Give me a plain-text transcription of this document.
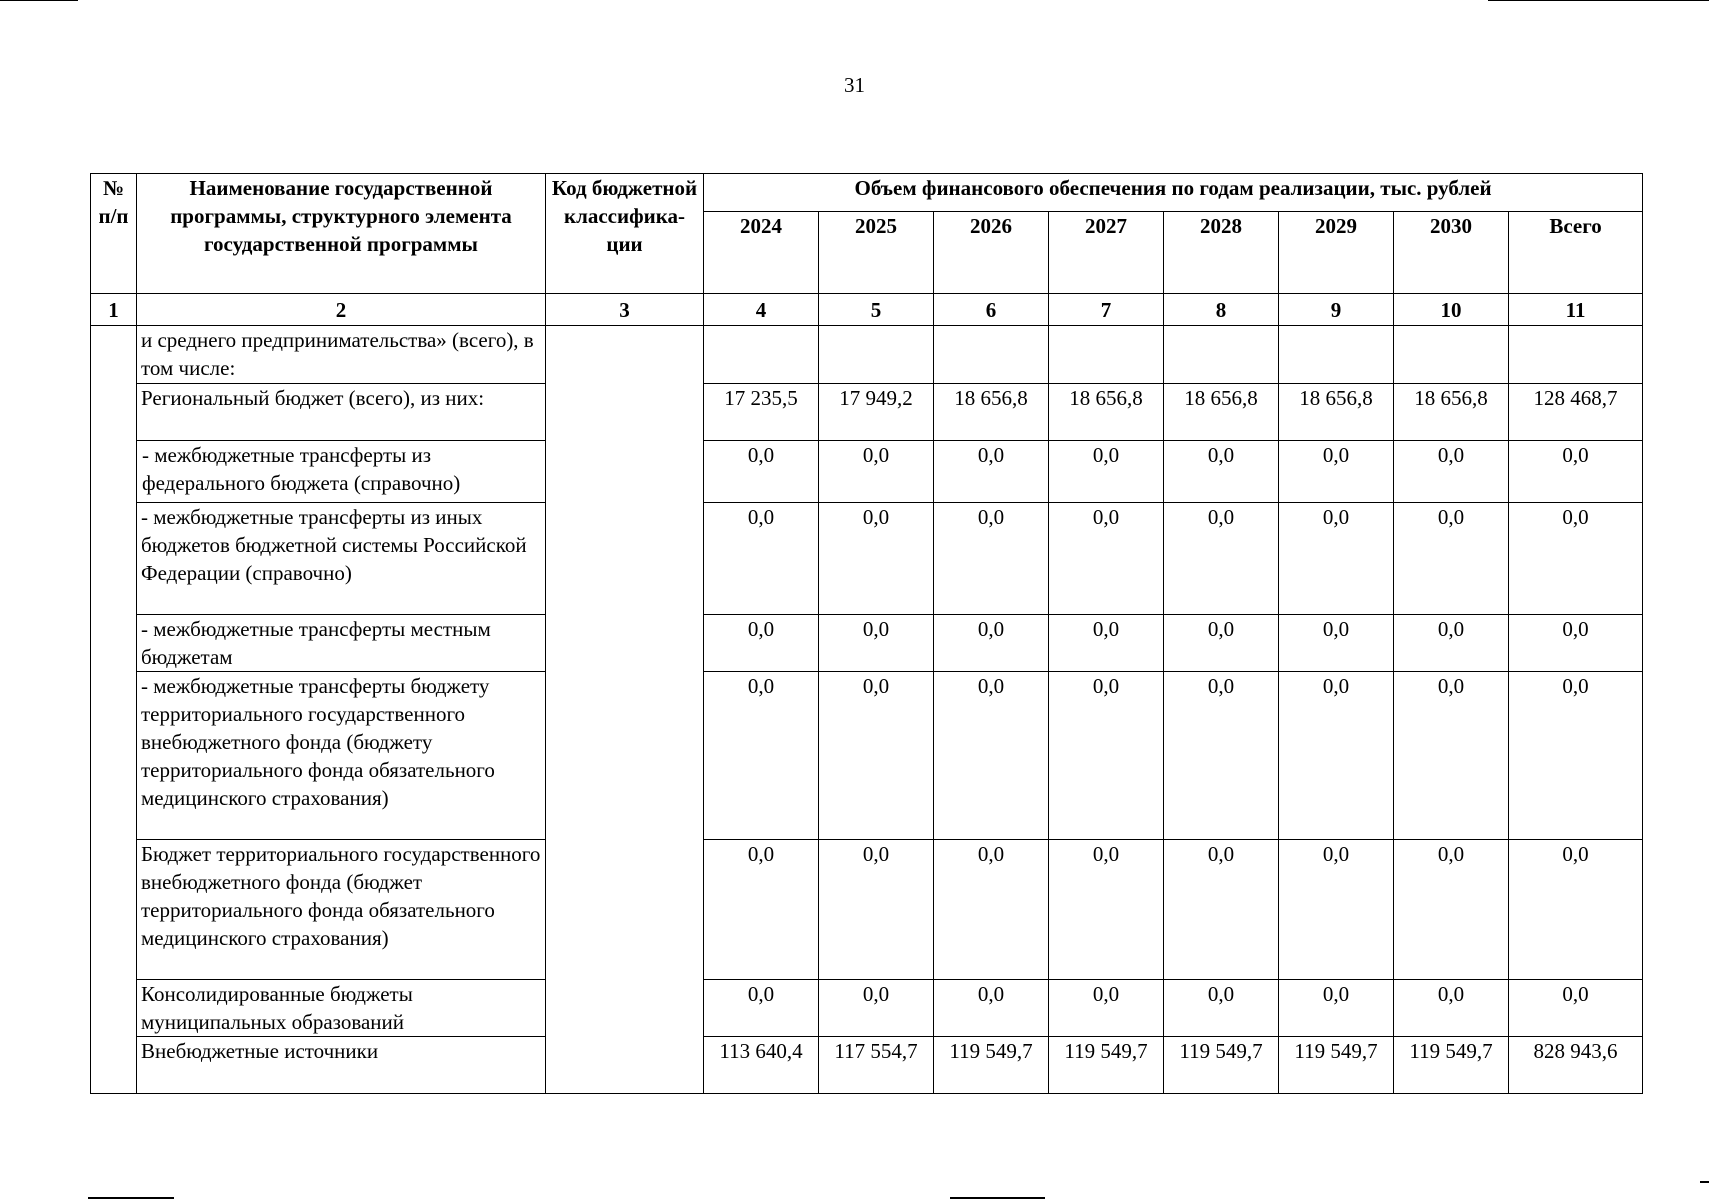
31
№ п/п	Наименование государственной программы, структурного элемента государственной программы	Код бюджетной классифика-ции	Объем финансового обеспечения по годам реализации, тыс. рублей							
			2024	2025	2026	2027	2028	2029	2030	Всего
1	2	3	4	5	6	7	8	9	10	11
	и среднего предпринимательства» (всего), в том числе:									
	Региональный бюджет (всего), из них:		17 235,5	17 949,2	18 656,8	18 656,8	18 656,8	18 656,8	18 656,8	128 468,7
	- межбюджетные трансферты из федерального бюджета (справочно)		0,0	0,0	0,0	0,0	0,0	0,0	0,0	0,0
	- межбюджетные трансферты из иных бюджетов бюджетной системы Российской Федерации (справочно)		0,0	0,0	0,0	0,0	0,0	0,0	0,0	0,0
	- межбюджетные трансферты местным бюджетам		0,0	0,0	0,0	0,0	0,0	0,0	0,0	0,0
	- межбюджетные трансферты бюджету территориального государственного внебюджетного фонда (бюджету территориального фонда обязательного медицинского страхования)		0,0	0,0	0,0	0,0	0,0	0,0	0,0	0,0
	Бюджет территориального государственного внебюджетного фонда (бюджет территориального фонда обязательного медицинского страхования)		0,0	0,0	0,0	0,0	0,0	0,0	0,0	0,0
	Консолидированные бюджеты муниципальных образований		0,0	0,0	0,0	0,0	0,0	0,0	0,0	0,0
	Внебюджетные источники		113 640,4	117 554,7	119 549,7	119 549,7	119 549,7	119 549,7	119 549,7	828 943,6
